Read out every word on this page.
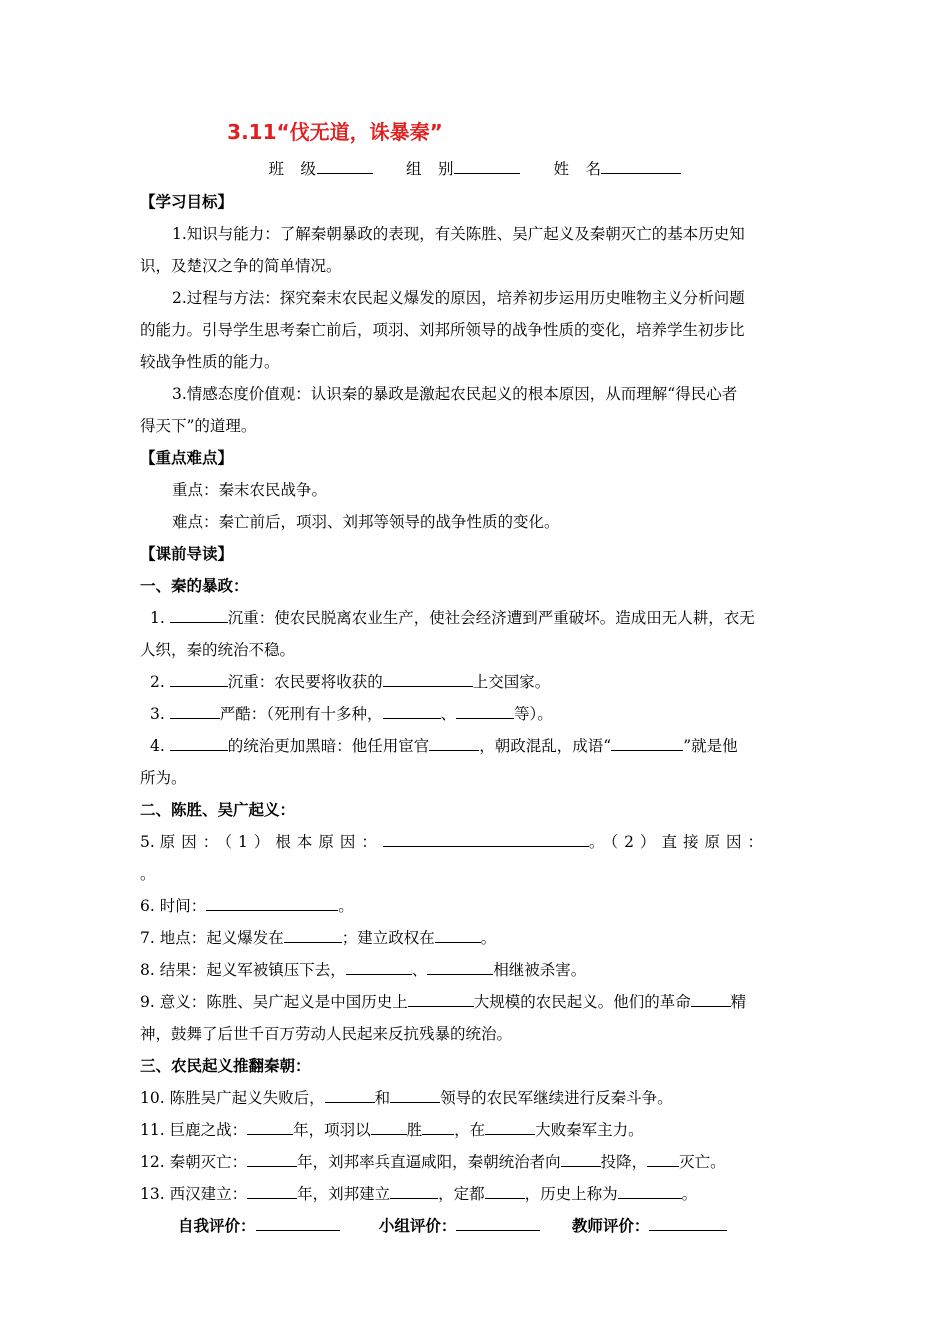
3.11“伐无道，诛暴秦”
班　级	组　别	姓　名
【学习目标】
1.知识与能力：了解秦朝暴政的表现，有关陈胜、吴广起义及秦朝灭亡的基本历史知
识，及楚汉之争的简单情况。
2.过程与方法：探究秦末农民起义爆发的原因，培养初步运用历史唯物主义分析问题
的能力。引导学生思考秦亡前后，项羽、刘邦所领导的战争性质的变化，培养学生初步比
较战争性质的能力。
3.情感态度价值观：认识秦的暴政是激起农民起义的根本原因，从而理解“得民心者
得天下”的道理。
【重点难点】
重点：秦末农民战争。
难点：秦亡前后，项羽、刘邦等领导的战争性质的变化。
【课前导读】
一、秦的暴政：
1.	沉重：使农民脱离农业生产，使社会经济遭到严重破坏。造成田无人耕，衣无
人织，秦的统治不稳。
2.	沉重：农民要将收获的	上交国家。
3.	严酷：（死刑有十多种，	、	等）。
4.	的统治更加黑暗：他任用宦官	，朝政混乱，成语“	”就是他
所为。
二、陈胜、吴广起义：
5. 原因：（1）根本原因：	。（2）直接原因：
。
6. 时间：	。
7. 地点：起义爆发在	；建立政权在	。
8. 结果：起义军被镇压下去，	、	相继被杀害。
9. 意义：陈胜、吴广起义是中国历史上	大规模的农民起义。他们的革命	精
神，鼓舞了后世千百万劳动人民起来反抗残暴的统治。
三、农民起义推翻秦朝：
10. 陈胜吴广起义失败后，	和	领导的农民军继续进行反秦斗争。
11. 巨鹿之战：	年，项羽以 胜 ，在	大败秦军主力。
12. 秦朝灭亡：	年，刘邦率兵直逼咸阳，秦朝统治者向	投降， 灭亡。
13. 西汉建立：	年，刘邦建立	，定都	，历史上称为	。
自我评价：	小组评价：	教师评价：
